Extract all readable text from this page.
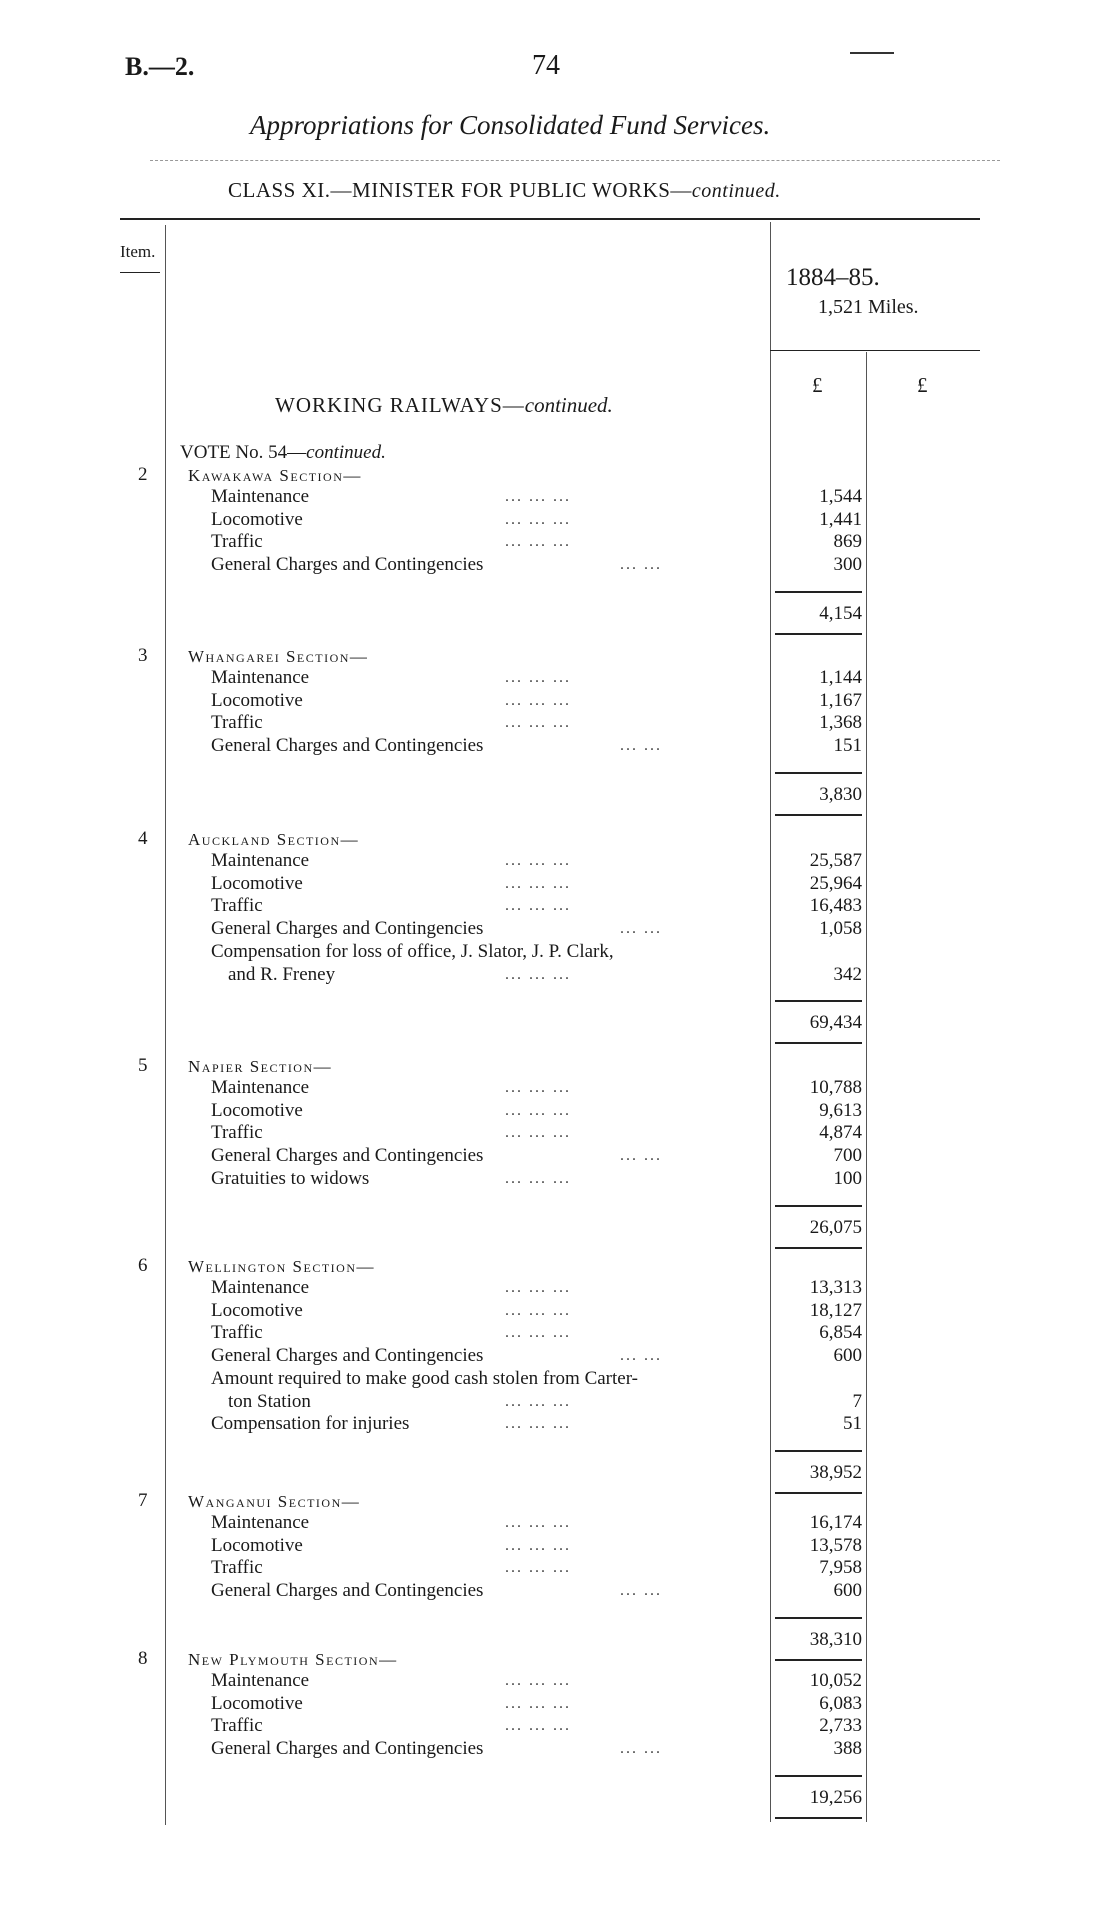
B.—2.	74
Appropriations for Consolidated Fund Services.
CLASS XI.—MINISTER FOR PUBLIC WORKS—continued.
Item.
1884–85.
1,521 Miles.
£	£
WORKING RAILWAYS—continued.
VOTE No. 54—continued.
2 Kawakawa Section—
Maintenance	... ... ...	1,544
Locomotive	... ... ...	1,441
Traffic	... ... ...	869
General Charges and Contingencies	... ...	300
4,154
3 Whangarei Section—
Maintenance	... ... ...	1,144
Locomotive	... ... ...	1,167
Traffic	... ... ...	1,368
General Charges and Contingencies	... ...	151
3,830
4 Auckland Section—
Maintenance	... ... ...	25,587
Locomotive	... ... ...	25,964
Traffic	... ... ...	16,483
General Charges and Contingencies	... ...	1,058
Compensation for loss of office, J. Slator, J. P. Clark,
and R. Freney	... ... ...	342
69,434
5 Napier Section—
Maintenance	... ... ...	10,788
Locomotive	... ... ...	9,613
Traffic	... ... ...	4,874
General Charges and Contingencies	... ...	700
Gratuities to widows	... ... ...	100
26,075
6 Wellington Section—
Maintenance	... ... ...	13,313
Locomotive	... ... ...	18,127
Traffic	... ... ...	6,854
General Charges and Contingencies	... ...	600
Amount required to make good cash stolen from Carter-
ton Station	... ... ...	7
Compensation for injuries	... ... ...	51
38,952
7 Wanganui Section—
Maintenance	... ... ...	16,174
Locomotive	... ... ...	13,578
Traffic	... ... ...	7,958
General Charges and Contingencies	... ...	600
38,310
8 New Plymouth Section—
Maintenance	... ... ...	10,052
Locomotive	... ... ...	6,083
Traffic	... ... ...	2,733
General Charges and Contingencies	... ...	388
19,256
